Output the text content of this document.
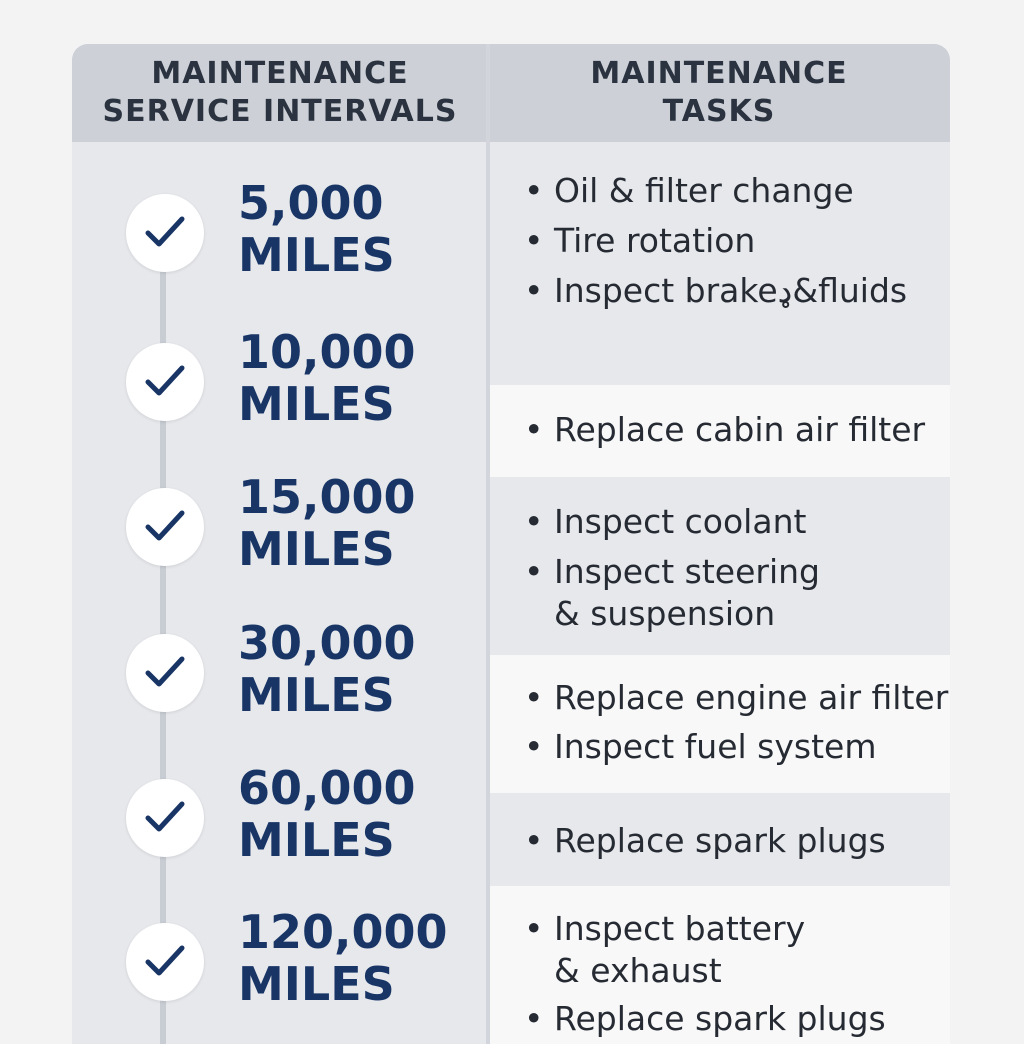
MAINTENANCE
SERVICE INTERVALS
MAINTENANCE
TASKS
5,000
MILES
10,000
MILES
15,000
MILES
30,000
MILES
60,000
MILES
120,000
MILES
• Oil & filter change
• Tire rotation
• Inspect brakeډ&fluids
• Replace cabin air filter
• Inspect coolant
• Inspect steering
& suspension
• Replace engine air filter
• Inspect fuel system
• Replace spark plugs
• Inspect battery
& exhaust
• Replace spark plugs
